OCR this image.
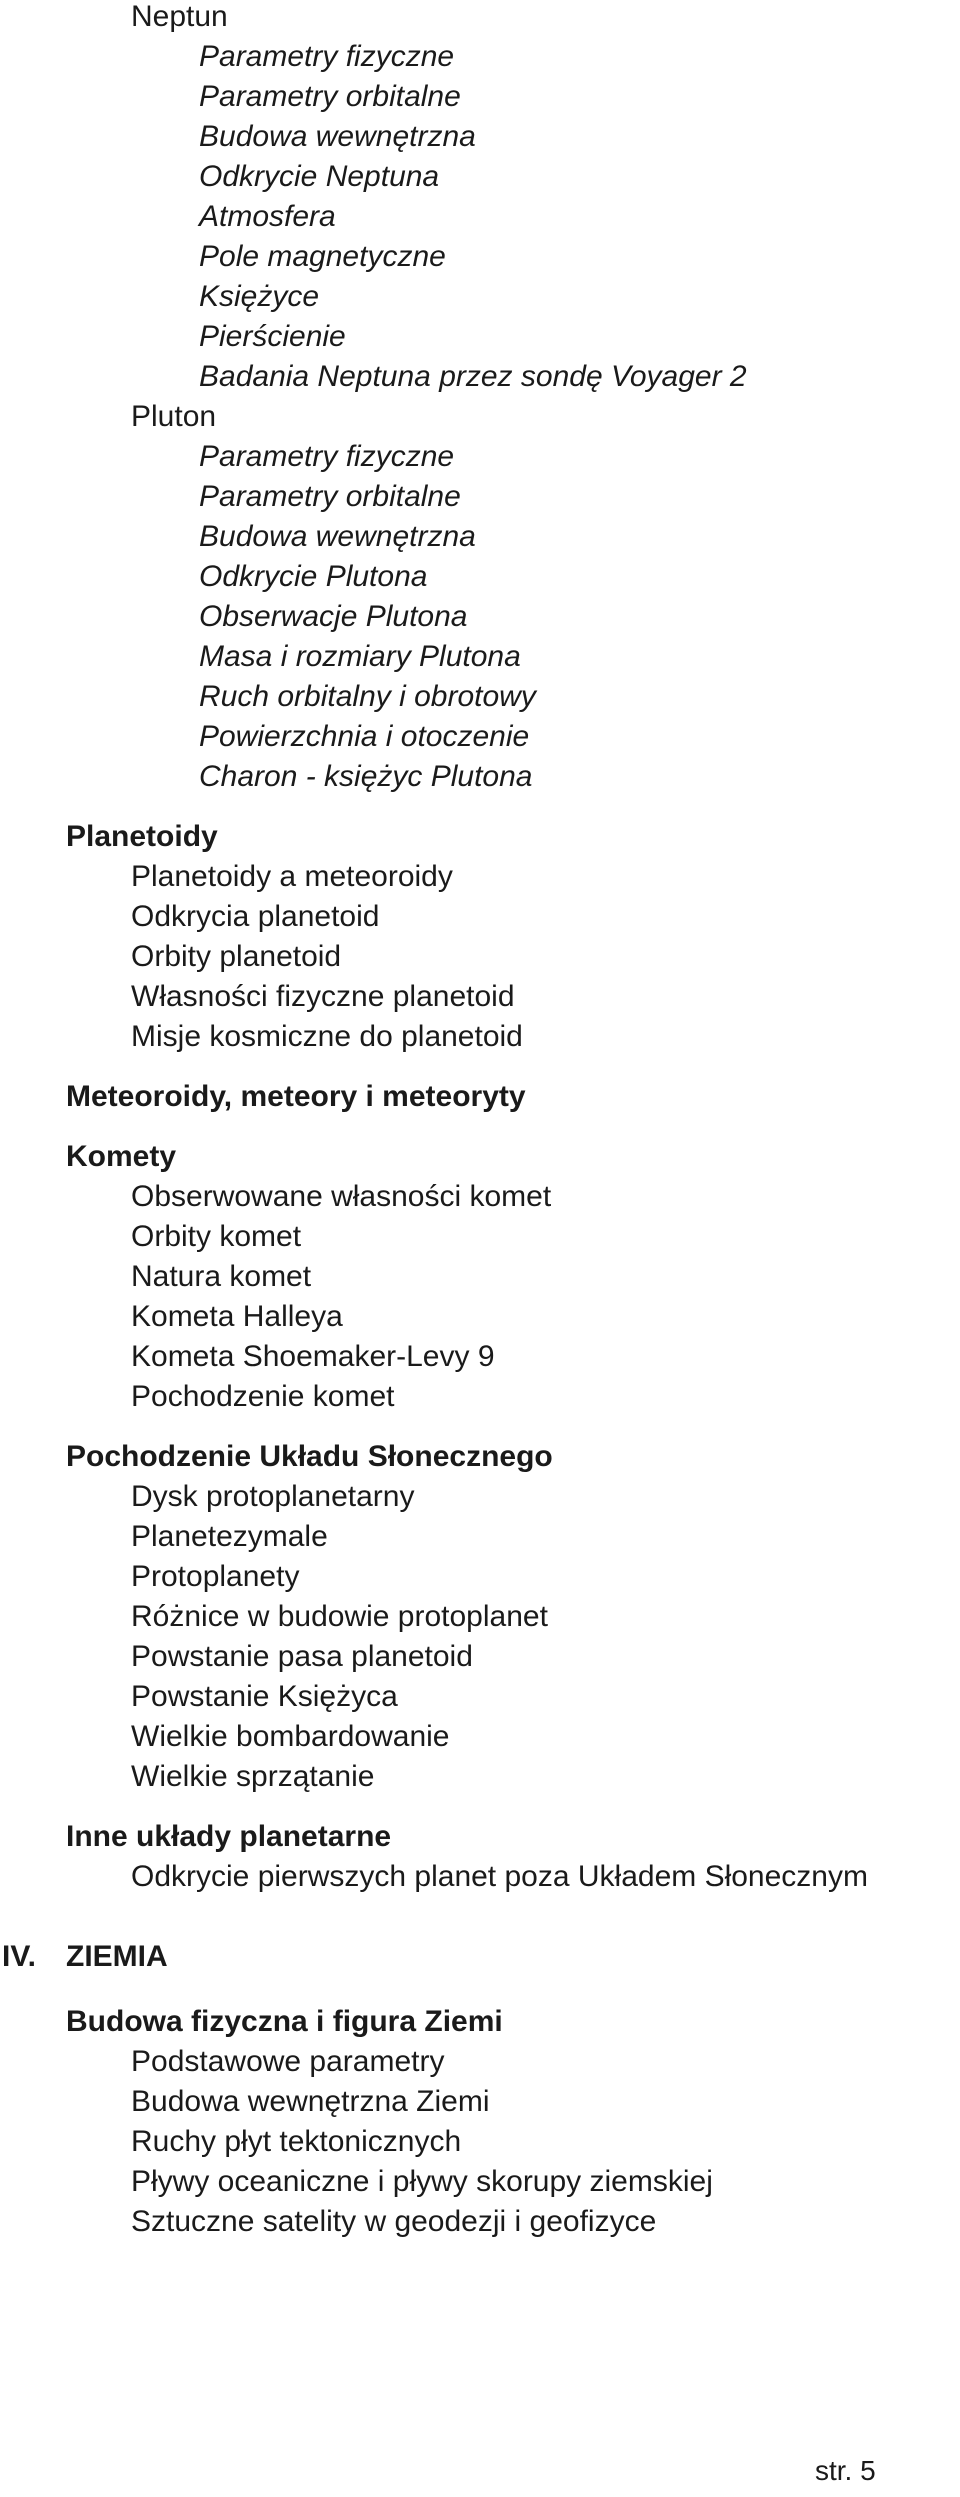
Neptun
Parametry fizyczne
Parametry orbitalne
Budowa wewnętrzna
Odkrycie Neptuna
Atmosfera
Pole magnetyczne
Księżyce
Pierścienie
Badania Neptuna przez sondę Voyager 2
Pluton
Parametry fizyczne
Parametry orbitalne
Budowa wewnętrzna
Odkrycie Plutona
Obserwacje Plutona
Masa i rozmiary Plutona
Ruch orbitalny i obrotowy
Powierzchnia i otoczenie
Charon - księżyc Plutona
Planetoidy
Planetoidy a meteoroidy
Odkrycia planetoid
Orbity planetoid
Własności fizyczne planetoid
Misje kosmiczne do planetoid
Meteoroidy, meteory i meteoryty
Komety
Obserwowane własności komet
Orbity komet
Natura komet
Kometa Halleya
Kometa Shoemaker-Levy 9
Pochodzenie komet
Pochodzenie Układu Słonecznego
Dysk protoplanetarny
Planetezymale
Protoplanety
Różnice w budowie protoplanet
Powstanie pasa planetoid
Powstanie Księżyca
Wielkie bombardowanie
Wielkie sprzątanie
Inne układy planetarne
Odkrycie pierwszych planet poza Układem Słonecznym
IV. ZIEMIA
Budowa fizyczna i figura Ziemi
Podstawowe parametry
Budowa wewnętrzna Ziemi
Ruchy płyt tektonicznych
Pływy oceaniczne i pływy skorupy ziemskiej
Sztuczne satelity w geodezji i geofizyce
str. 5
